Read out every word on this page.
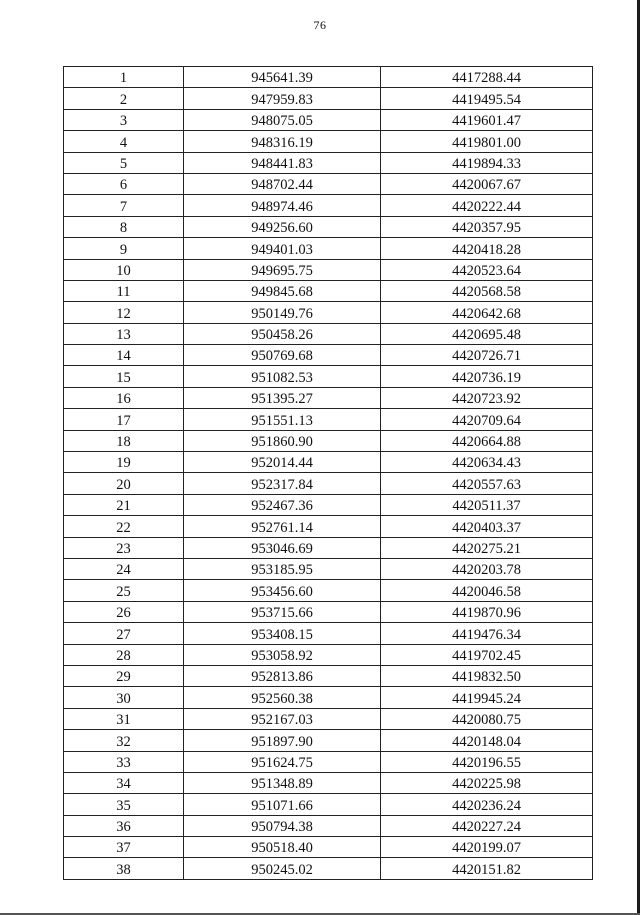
76
1	945641.39	4417288.44
2	947959.83	4419495.54
3	948075.05	4419601.47
4	948316.19	4419801.00
5	948441.83	4419894.33
6	948702.44	4420067.67
7	948974.46	4420222.44
8	949256.60	4420357.95
9	949401.03	4420418.28
10	949695.75	4420523.64
11	949845.68	4420568.58
12	950149.76	4420642.68
13	950458.26	4420695.48
14	950769.68	4420726.71
15	951082.53	4420736.19
16	951395.27	4420723.92
17	951551.13	4420709.64
18	951860.90	4420664.88
19	952014.44	4420634.43
20	952317.84	4420557.63
21	952467.36	4420511.37
22	952761.14	4420403.37
23	953046.69	4420275.21
24	953185.95	4420203.78
25	953456.60	4420046.58
26	953715.66	4419870.96
27	953408.15	4419476.34
28	953058.92	4419702.45
29	952813.86	4419832.50
30	952560.38	4419945.24
31	952167.03	4420080.75
32	951897.90	4420148.04
33	951624.75	4420196.55
34	951348.89	4420225.98
35	951071.66	4420236.24
36	950794.38	4420227.24
37	950518.40	4420199.07
38	950245.02	4420151.82
